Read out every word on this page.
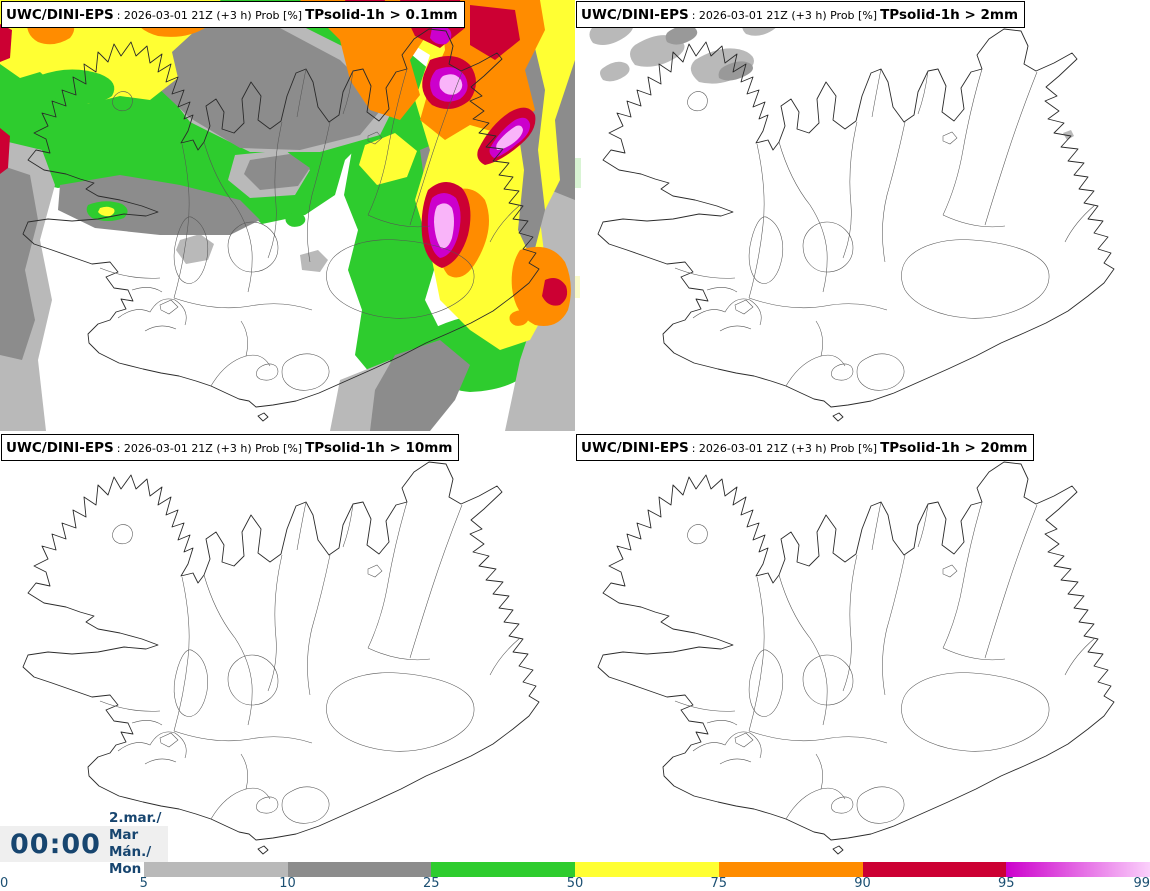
UWC/DINI-EPS : 2026-03-01 21Z (+3 h) Prob [%] TPsolid-1h > 0.1mm	UWC/DINI-EPS : 2026-03-01 21Z (+3 h) Prob [%] TPsolid-1h > 2mm
UWC/DINI-EPS : 2026-03-01 21Z (+3 h) Prob [%] TPsolid-1h > 10mm	UWC/DINI-EPS : 2026-03-01 21Z (+3 h) Prob [%] TPsolid-1h > 20mm
00:00
2.mar./ Mar
Mán./ Mon
0	5	10	25	50	75	90	95	99
